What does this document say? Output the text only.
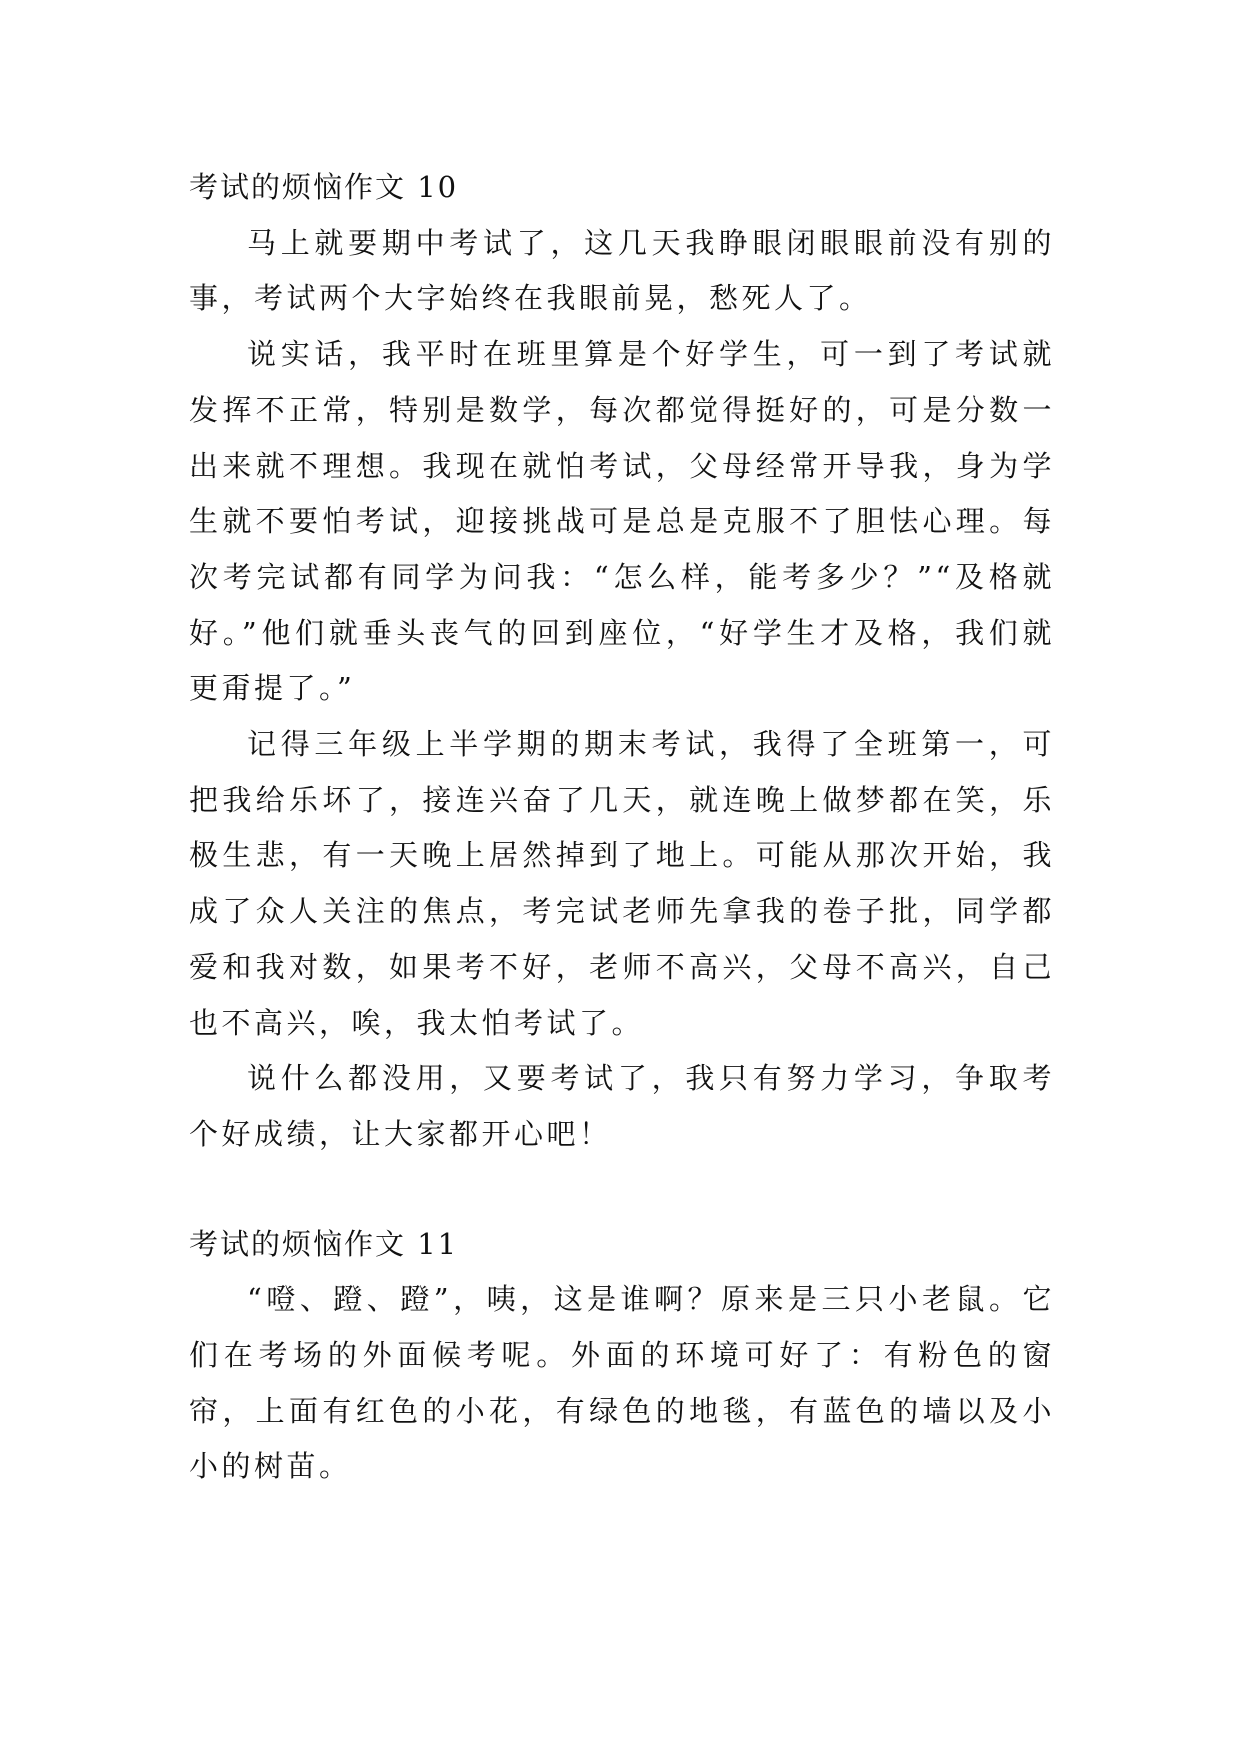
考试的烦恼作文 10

马上就要期中考试了，这几天我睁眼闭眼眼前没有别的事，考试两个大字始终在我眼前晃，愁死人了。

说实话，我平时在班里算是个好学生，可一到了考试就发挥不正常，特别是数学，每次都觉得挺好的，可是分数一出来就不理想。我现在就怕考试，父母经常开导我，身为学生就不要怕考试，迎接挑战可是总是克服不了胆怯心理。每次考完试都有同学为问我：“怎么样，能考多少？”“及格就好。”他们就垂头丧气的回到座位，“好学生才及格，我们就更甭提了。”

记得三年级上半学期的期末考试，我得了全班第一，可把我给乐坏了，接连兴奋了几天，就连晚上做梦都在笑，乐极生悲，有一天晚上居然掉到了地上。可能从那次开始，我成了众人关注的焦点，考完试老师先拿我的卷子批，同学都爱和我对数，如果考不好，老师不高兴，父母不高兴，自己也不高兴，唉，我太怕考试了。

说什么都没用，又要考试了，我只有努力学习，争取考个好成绩，让大家都开心吧！

考试的烦恼作文 11

“噔、蹬、蹬”，咦，这是谁啊？原来是三只小老鼠。它们在考场的外面候考呢。外面的环境可好了：有粉色的窗帘，上面有红色的小花，有绿色的地毯，有蓝色的墙以及小小的树苗。
